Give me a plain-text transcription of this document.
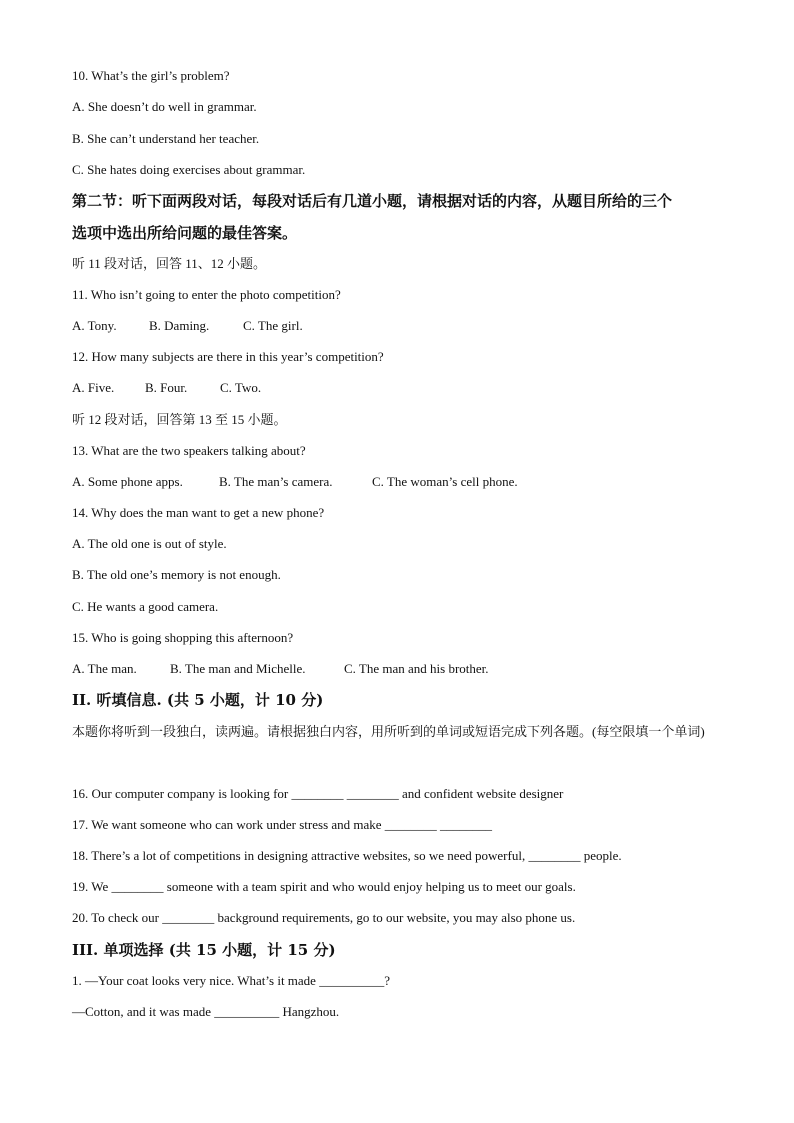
10. What’s the girl’s problem?
A. She doesn’t do well in grammar.
B. She can’t understand her teacher.
C. She hates doing exercises about grammar.
第二节：听下面两段对话，每段对话后有几道小题，请根据对话的内容，从题目所给的三个
选项中选出所给问题的最佳答案。
听 11 段对话，回答 11、12 小题。
11. Who isn’t going to enter the photo competition?
A. Tony. B. Daming.	C. The girl.
12. How many subjects are there in this year’s competition?
A. Five. B. Four.	C. Two.
听 12 段对话，回答第 13 至 15 小题。
13. What are the two speakers talking about?
A. Some phone apps.	B. The man’s camera.	C. The woman’s cell phone.
14. Why does the man want to get a new phone?
A. The old one is out of style.
B. The old one’s memory is not enough.
C. He wants a good camera.
15. Who is going shopping this afternoon?
A. The man.	B. The man and Michelle.	C. The man and his brother.
II. 听填信息. (共 5 小题，计 10 分)
本题你将听到一段独白，读两遍。请根据独白内容，用所听到的单词或短语完成下列各题。(每空限填一个单词)
16. Our computer company is looking for ________ ________ and confident website designer
17. We want someone who can work under stress and make ________ ________
18. There’s a lot of competitions in designing attractive websites, so we need powerful, ________ people.
19. We ________ someone with a team spirit and who would enjoy helping us to meet our goals.
20. To check our ________ background requirements, go to our website, you may also phone us.
III. 单项选择 (共 15 小题，计 15 分)
1. —Your coat looks very nice. What’s it made __________?
—Cotton, and it was made __________ Hangzhou.
